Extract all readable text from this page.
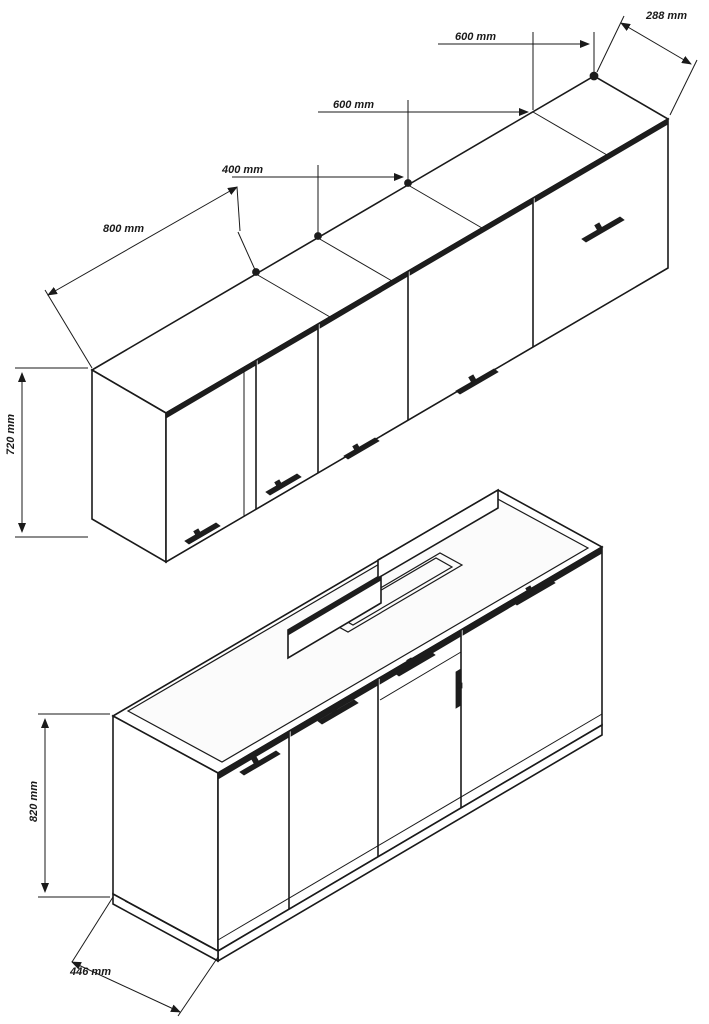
288 mm
600 mm
600 mm
400 mm
800 mm
720 mm
820 mm
446 mm
